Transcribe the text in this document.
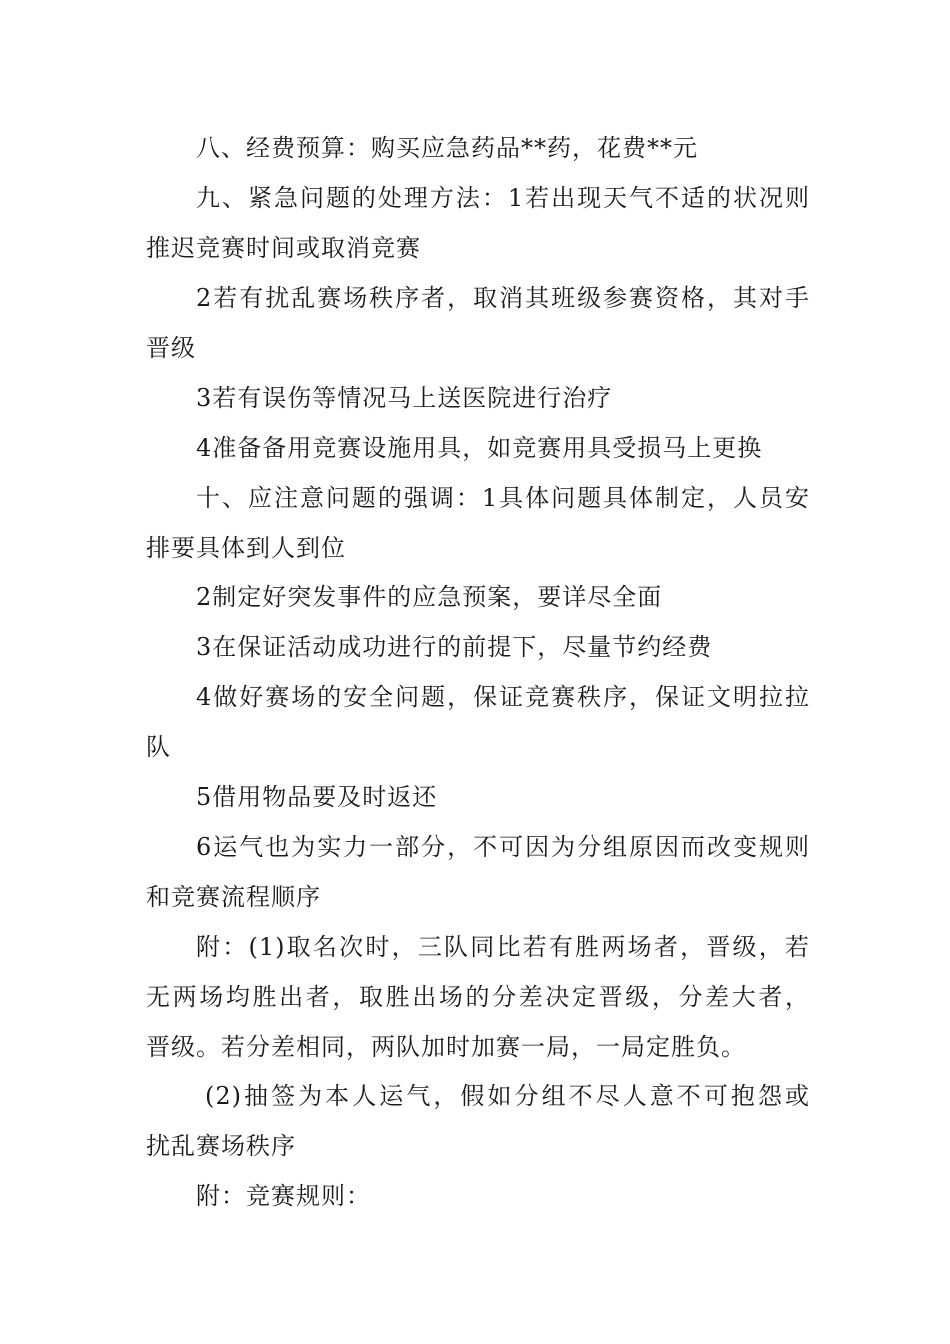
八、经费预算：购买应急药品**药，花费**元
九、紧急问题的处理方法：1若出现天气不适的状况则
推迟竞赛时间或取消竞赛
2若有扰乱赛场秩序者，取消其班级参赛资格，其对手
晋级
3若有误伤等情况马上送医院进行治疗
4准备备用竞赛设施用具，如竞赛用具受损马上更换
十、应注意问题的强调：1具体问题具体制定，人员安
排要具体到人到位
2制定好突发事件的应急预案，要详尽全面
3在保证活动成功进行的前提下，尽量节约经费
4做好赛场的安全问题，保证竞赛秩序，保证文明拉拉
队
5借用物品要及时返还
6运气也为实力一部分，不可因为分组原因而改变规则
和竞赛流程顺序
附：(1)取名次时，三队同比若有胜两场者，晋级，若
无两场均胜出者，取胜出场的分差决定晋级，分差大者，
晋级。若分差相同，两队加时加赛一局，一局定胜负。
(2)抽签为本人运气，假如分组不尽人意不可抱怨或
扰乱赛场秩序
附：竞赛规则：
